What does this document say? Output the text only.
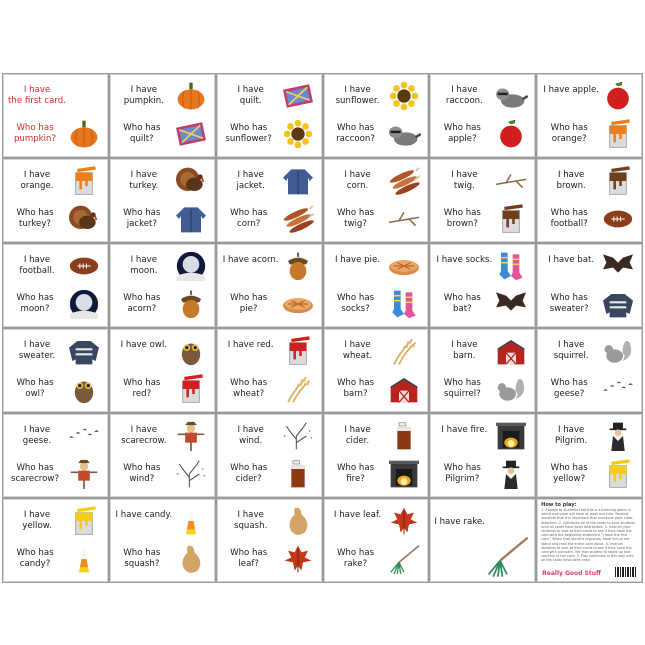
I have
the first card.
Who has
pumpkin?
I have
pumpkin.
Who has
quilt?
I have
quilt.
Who has
sunflower?
I have
sunflower.
Who has
raccoon?
I have
raccoon.
Who has
apple?
I have apple.
Who has
orange?
I have
orange.
Who has
turkey?
I have
turkey.
Who has
jacket?
I have
jacket.
Who has
corn?
I have
corn.
Who has
twig?
I have
twig.
Who has
brown?
I have brown.
Who has
football?
I have
football.
Who has
moon?
I have
moon.
Who has
acorn?
I have acorn.
Who has
pie?
I have pie.
Who has
socks?
I have socks.
Who has
bat?
I have bat.
Who has
sweater?
I have
sweater.
Who has
owl?
I have owl.
Who has
red?
I have red.
Who has
wheat?
I have wheat.
Who has
barn?
I have
barn.
Who has
squirrel?
I have
squirrel.
Who has
geese?
I have
geese.
Who has
scarecrow?
I have
scarecrow.
Who has
wind?
I have
wind.
Who has
cider?
I have
cider.
Who has
fire?
I have fire.
Who has
Pilgrim?
I have
Pilgrim.
Who has
yellow?
I have
yellow.
Who has
candy?
I have candy.
Who has
squash?
I have
squash.
Who has
leaf?
I have leaf.
Who has
rake?
I have rake.
How to play:
1. Explain to students that this is a listening game in which everyone will have at least one turn. Remind students that it is important that everyone pays close attention. 2. Distribute all of the cards to your students until all cards have been distributed. 3. Instruct your students to look at their cards to see if they have the card with the beginning statement "I have the first card." When that student responds, have him or her stand and read the entire card aloud. 4. Instruct students to look at their cards to see if they have the card with pumpkin. Tell that student to stand up and read his or her card. 5. Play continues in this way until all the cards have been read.
Really Good Stuff
